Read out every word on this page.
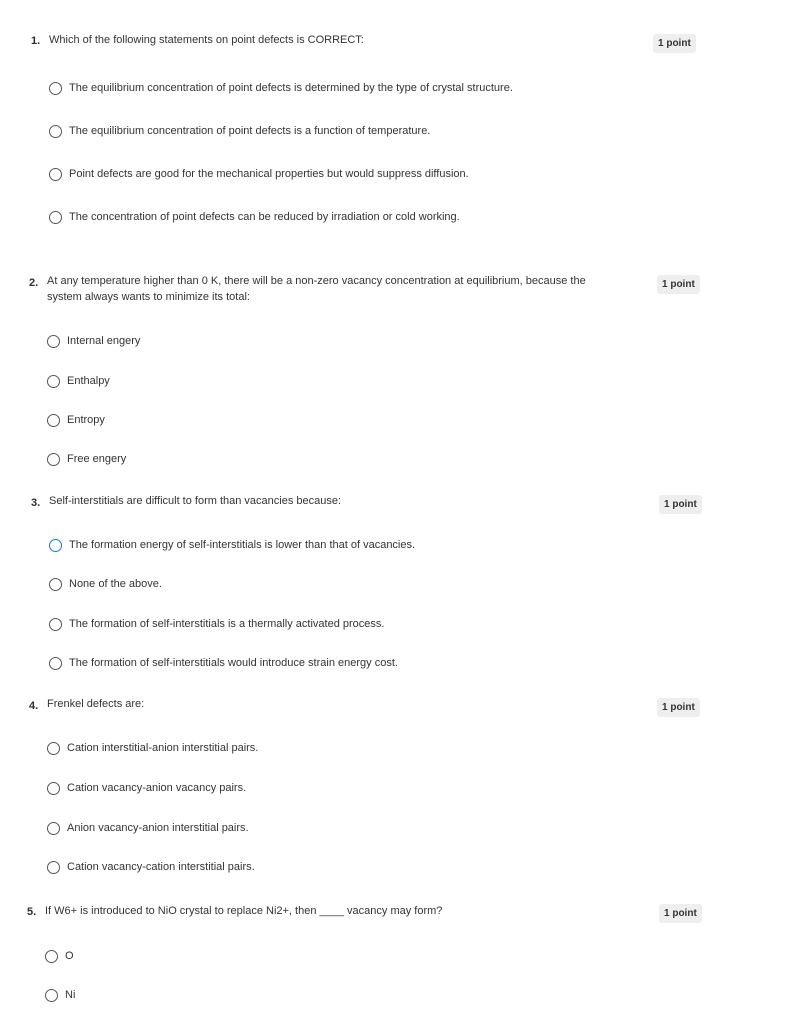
1. Which of the following statements on point defects is CORRECT:	1 point
The equilibrium concentration of point defects is determined by the type of crystal structure.
The equilibrium concentration of point defects is a function of temperature.
Point defects are good for the mechanical properties but would suppress diffusion.
The concentration of point defects can be reduced by irradiation or cold working.
2. At any temperature higher than 0 K, there will be a non-zero vacancy concentration at equilibrium, because the
system always wants to minimize its total:
1 point
Internal engery
Enthalpy
Entropy
Free engery
3. Self-interstitials are difficult to form than vacancies because:	1 point
The formation energy of self-interstitials is lower than that of vacancies.
None of the above.
The formation of self-interstitials is a thermally activated process.
The formation of self-interstitials would introduce strain energy cost.
4. Frenkel defects are:	1 point
Cation interstitial-anion interstitial pairs.
Cation vacancy-anion vacancy pairs.
Anion vacancy-anion interstitial pairs.
Cation vacancy-cation interstitial pairs.
5. If W6+ is introduced to NiO crystal to replace Ni2+, then ____ vacancy may form?	1 point
O
Ni
